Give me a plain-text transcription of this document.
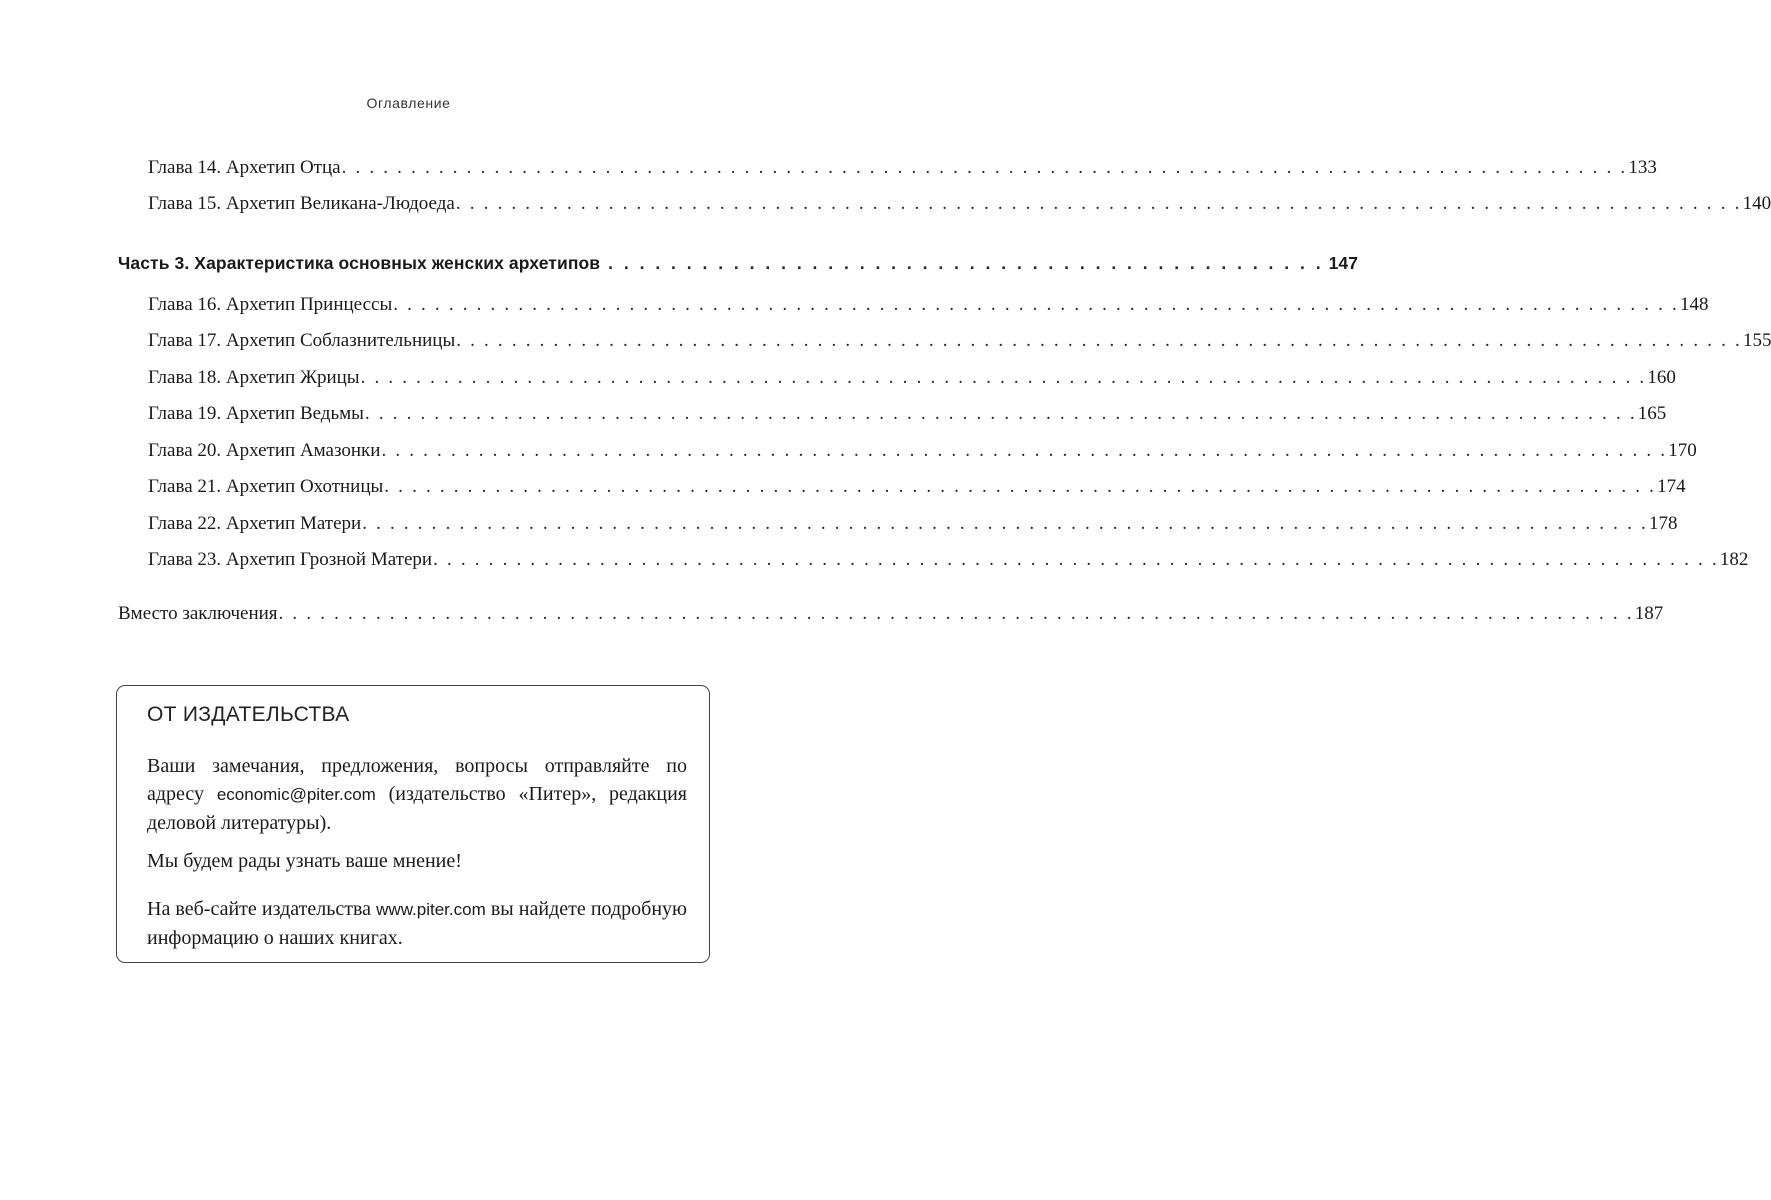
Оглавление
Глава 14. Архетип Отца . . . . . . . . . . . . . . . . . . . . . . . . . . . . . . . . . . . . . . . . . . . . . . . . . . . . . . . . . . . . . . . . . . . . . . . . . . . . . . . . . . . . . . . . . . . . . 133
Глава 15. Архетип Великана-Людоеда . . . . . . . . . . . . . . . . . . . . . . . . . . . . . . . . . . . . . . . . . . . . . . . . . . . . . . . . . . . . . . . . . . . . . . . . . . . . . . . . . . . . . . . . . . . . . 140
Часть 3. Характеристика основных женских архетипов . . . . . . . . . . . . . . . . . . . . . . . . . . . . . . . . . . . . . . . . . . . . . . 147
Глава 16. Архетип Принцессы . . . . . . . . . . . . . . . . . . . . . . . . . . . . . . . . . . . . . . . . . . . . . . . . . . . . . . . . . . . . . . . . . . . . . . . . . . . . . . . . . . . . . . . . . . . . . 148
Глава 17. Архетип Соблазнительницы . . . . . . . . . . . . . . . . . . . . . . . . . . . . . . . . . . . . . . . . . . . . . . . . . . . . . . . . . . . . . . . . . . . . . . . . . . . . . . . . . . . . . . . . . . . . . 155
Глава 18. Архетип Жрицы . . . . . . . . . . . . . . . . . . . . . . . . . . . . . . . . . . . . . . . . . . . . . . . . . . . . . . . . . . . . . . . . . . . . . . . . . . . . . . . . . . . . . . . . . . . . . 160
Глава 19. Архетип Ведьмы . . . . . . . . . . . . . . . . . . . . . . . . . . . . . . . . . . . . . . . . . . . . . . . . . . . . . . . . . . . . . . . . . . . . . . . . . . . . . . . . . . . . . . . . . . . . 165
Глава 20. Архетип Амазонки . . . . . . . . . . . . . . . . . . . . . . . . . . . . . . . . . . . . . . . . . . . . . . . . . . . . . . . . . . . . . . . . . . . . . . . . . . . . . . . . . . . . . . . . . . . . . 170
Глава 21. Архетип Охотницы . . . . . . . . . . . . . . . . . . . . . . . . . . . . . . . . . . . . . . . . . . . . . . . . . . . . . . . . . . . . . . . . . . . . . . . . . . . . . . . . . . . . . . . . . . . . 174
Глава 22. Архетип Матери . . . . . . . . . . . . . . . . . . . . . . . . . . . . . . . . . . . . . . . . . . . . . . . . . . . . . . . . . . . . . . . . . . . . . . . . . . . . . . . . . . . . . . . . . . . . . 178
Глава 23. Архетип Грозной Матери . . . . . . . . . . . . . . . . . . . . . . . . . . . . . . . . . . . . . . . . . . . . . . . . . . . . . . . . . . . . . . . . . . . . . . . . . . . . . . . . . . . . . . . . . . . . . 182
Вместо заключения . . . . . . . . . . . . . . . . . . . . . . . . . . . . . . . . . . . . . . . . . . . . . . . . . . . . . . . . . . . . . . . . . . . . . . . . . . . . . . . . . . . . . . . . . . . . . . . . . . 187
ОТ ИЗДАТЕЛЬСТВА
Ваши замечания, предложения, вопросы отправляйте по адресу economic@piter.com (издательство «Питер», редакция деловой литературы).
Мы будем рады узнать ваше мнение!
На веб-сайте издательства www.piter.com вы найдете подробную информацию о наших книгах.
